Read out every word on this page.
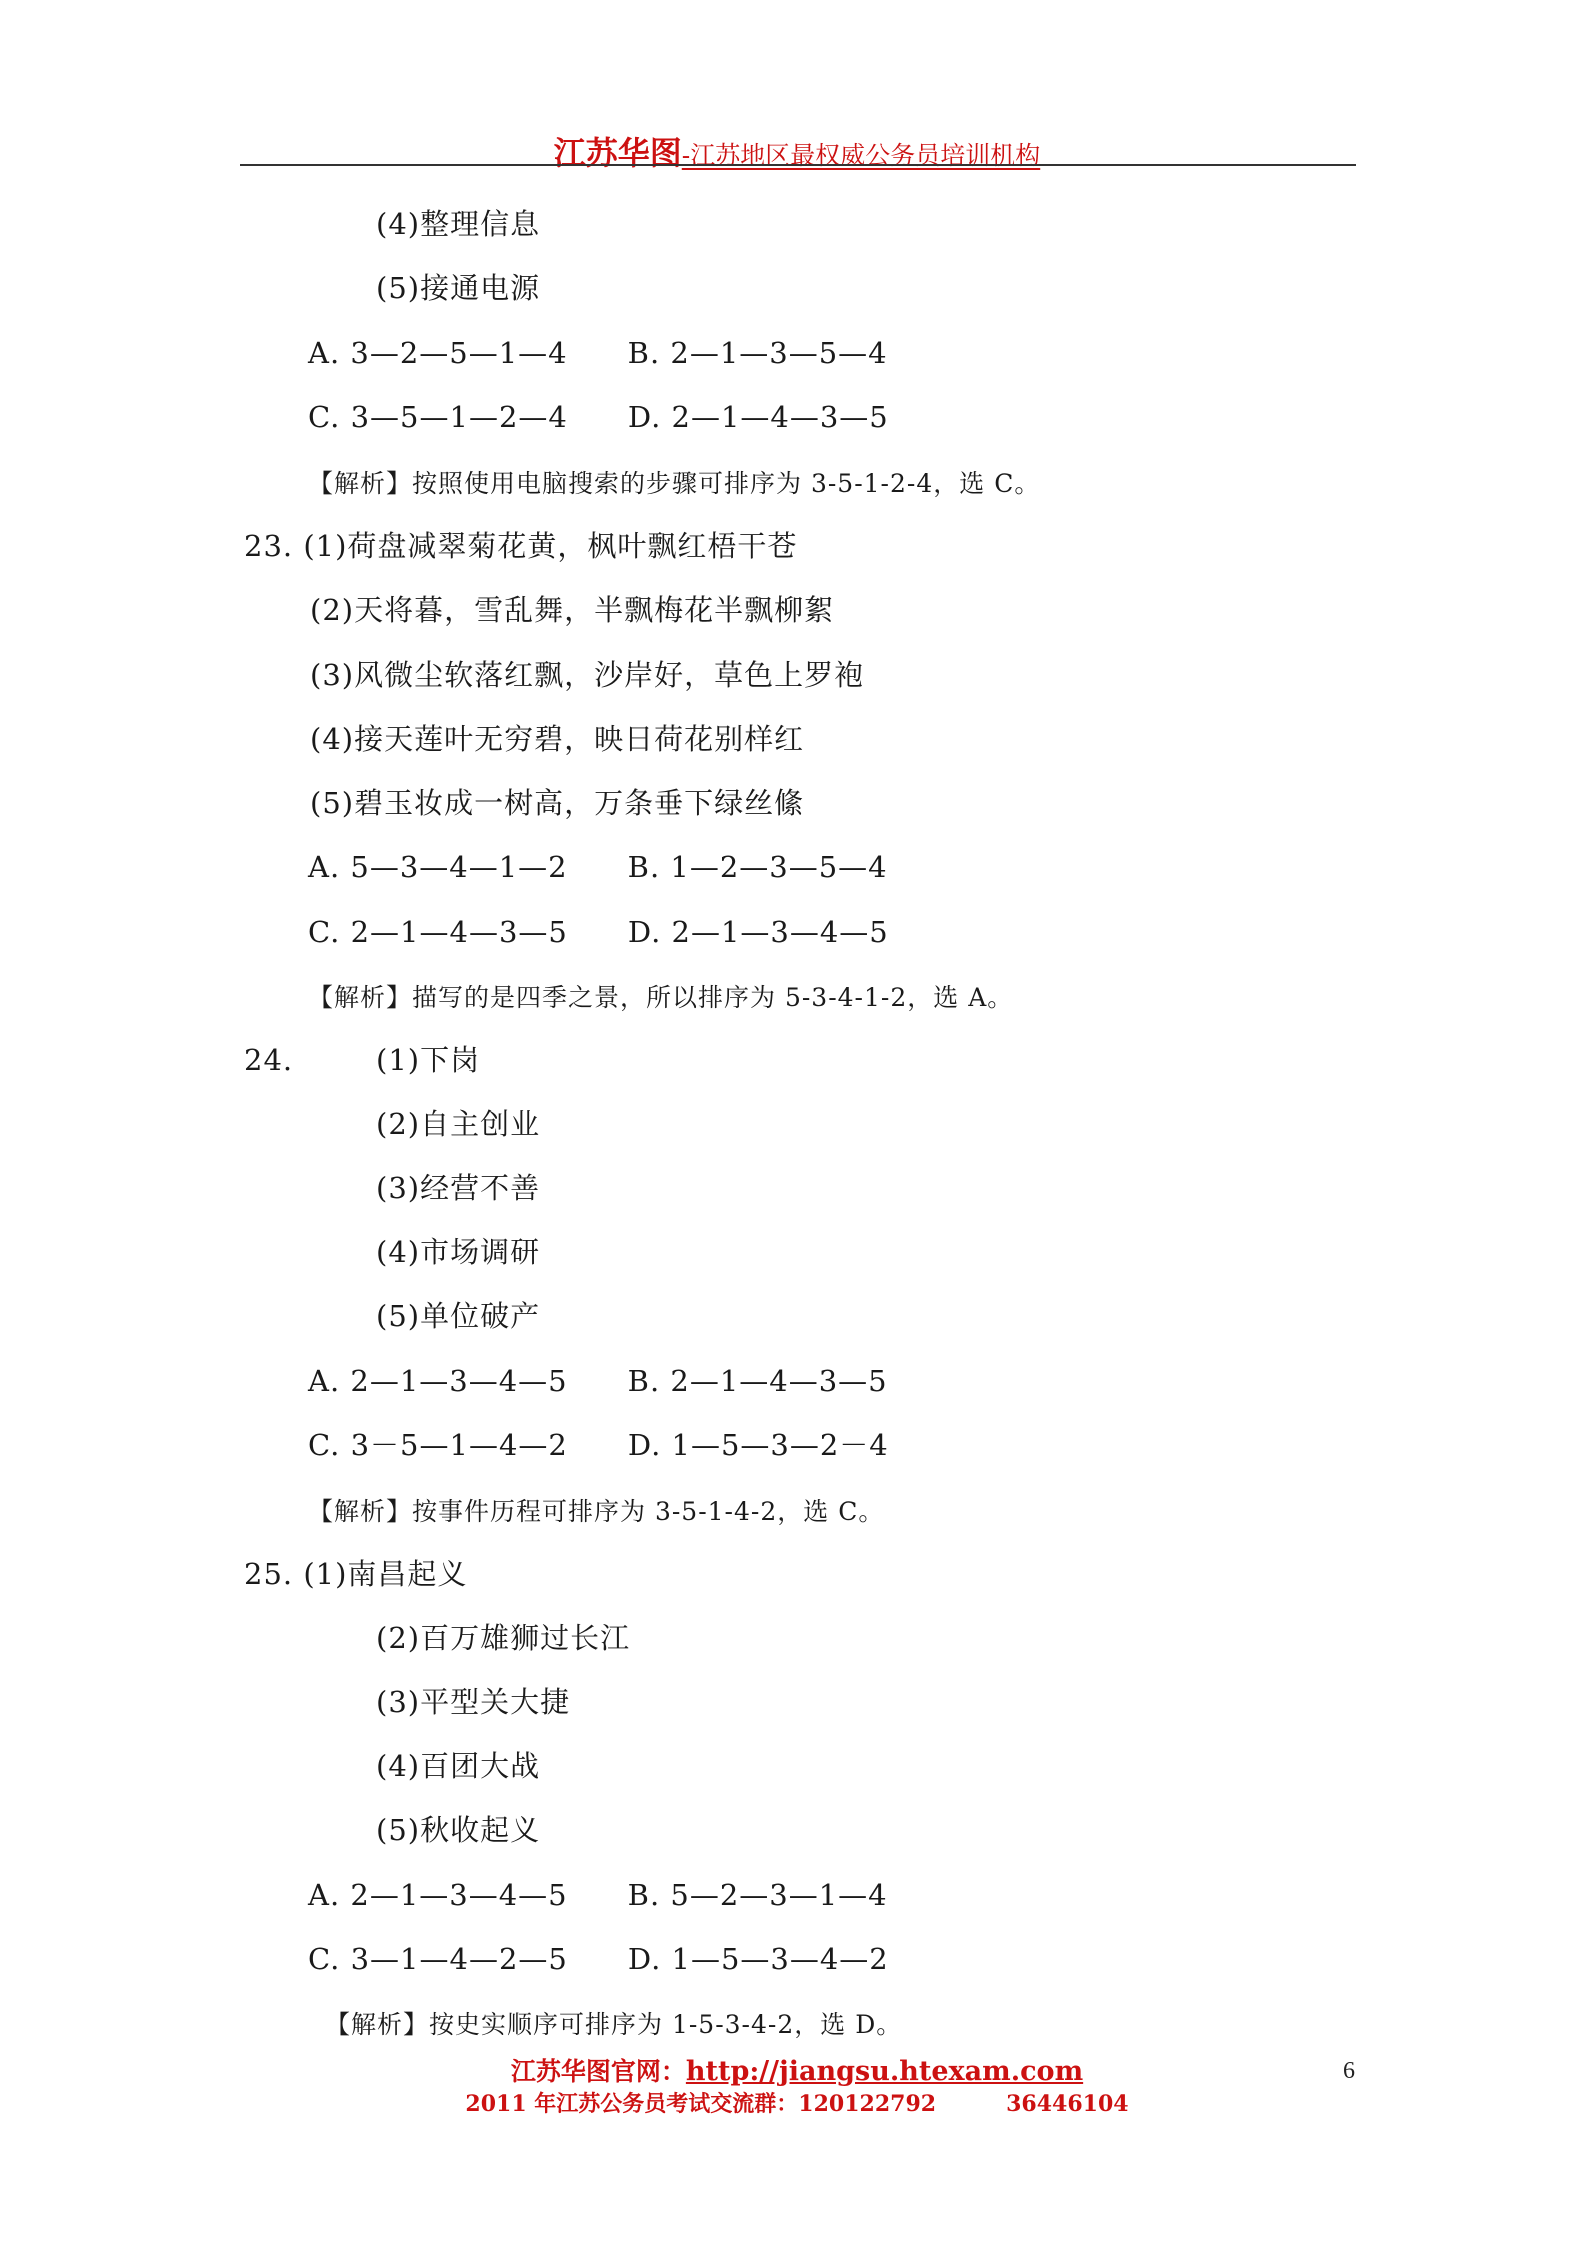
江苏华图-江苏地区最权威公务员培训机构
(4)整理信息
(5)接通电源
A. 3—2—5—1—4　　B. 2—1—3—5—4
C. 3—5—1—2—4　　D. 2—1—4—3—5
【解析】按照使用电脑搜索的步骤可排序为 3-5-1-2-4，选 C。
23. (1)荷盘减翠菊花黄，枫叶飘红梧干苍
(2)天将暮，雪乱舞，半飘梅花半飘柳絮
(3)风微尘软落红飘，沙岸好，草色上罗袍
(4)接天莲叶无穷碧，映日荷花别样红
(5)碧玉妆成一树高，万条垂下绿丝絛
A. 5—3—4—1—2　　B. 1—2—3—5—4
C. 2—1—4—3—5　　D. 2—1—3—4—5
【解析】描写的是四季之景，所以排序为 5-3-4-1-2，选 A。
24.	(1)下岗
(2)自主创业
(3)经营不善
(4)市场调研
(5)单位破产
A. 2—1—3—4—5　　B. 2—1—4—3—5
C. 3－5—1—4—2　　D. 1—5—3—2－4
【解析】按事件历程可排序为 3-5-1-4-2，选 C。
25. (1)南昌起义
(2)百万雄狮过长江
(3)平型关大捷
(4)百团大战
(5)秋收起义
A. 2—1—3—4—5　　B. 5—2—3—1—4
C. 3—1—4—2—5　　D. 1—5—3—4—2
【解析】按史实顺序可排序为 1-5-3-4-2，选 D。
江苏华图官网：http://jiangsu.htexam.com
2011 年江苏公务员考试交流群：120122792	36446104
6
